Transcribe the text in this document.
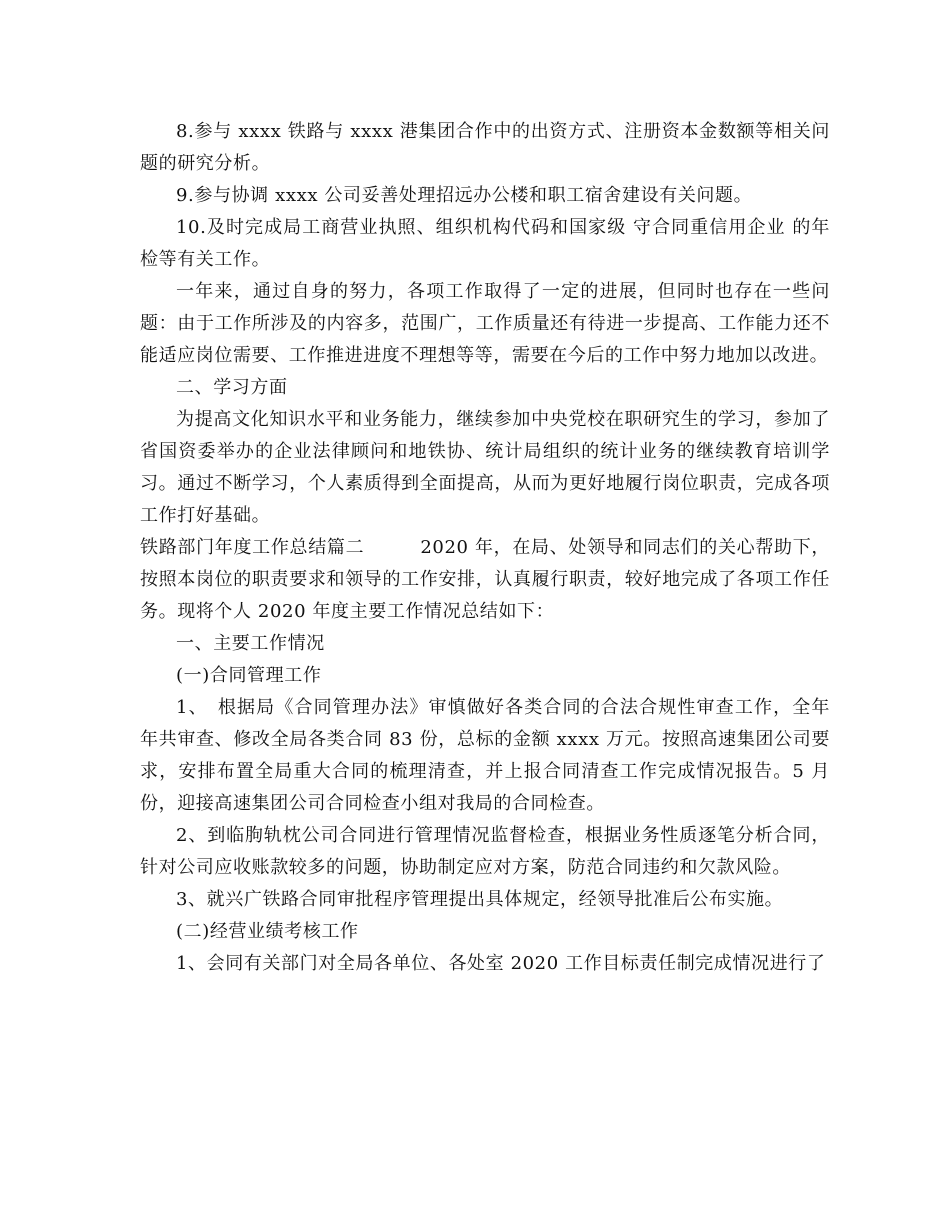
8.参与 xxxx 铁路与 xxxx 港集团合作中的出资方式、注册资本金数额等相关问题的研究分析。

9.参与协调 xxxx 公司妥善处理招远办公楼和职工宿舍建设有关问题。

10.及时完成局工商营业执照、组织机构代码和国家级 守合同重信用企业 的年检等有关工作。

一年来，通过自身的努力，各项工作取得了一定的进展，但同时也存在一些问题：由于工作所涉及的内容多，范围广，工作质量还有待进一步提高、工作能力还不能适应岗位需要、工作推进进度不理想等等，需要在今后的工作中努力地加以改进。

二、学习方面

为提高文化知识水平和业务能力，继续参加中央党校在职研究生的学习，参加了省国资委举办的企业法律顾问和地铁协、统计局组织的统计业务的继续教育培训学习。通过不断学习，个人素质得到全面提高，从而为更好地履行岗位职责，完成各项工作打好基础。

铁路部门年度工作总结篇二　　　2020 年，在局、处领导和同志们的关心帮助下，按照本岗位的职责要求和领导的工作安排，认真履行职责，较好地完成了各项工作任务。现将个人 2020 年度主要工作情况总结如下：

一、主要工作情况

(一)合同管理工作

1、　根据局《合同管理办法》审慎做好各类合同的合法合规性审查工作，全年年共审查、修改全局各类合同 83 份，总标的金额 xxxx 万元。按照高速集团公司要求，安排布置全局重大合同的梳理清查，并上报合同清查工作完成情况报告。5 月份，迎接高速集团公司合同检查小组对我局的合同检查。

2、到临朐轨枕公司合同进行管理情况监督检查，根据业务性质逐笔分析合同，针对公司应收账款较多的问题，协助制定应对方案，防范合同违约和欠款风险。

3、就兴广铁路合同审批程序管理提出具体规定，经领导批准后公布实施。

(二)经营业绩考核工作

1、会同有关部门对全局各单位、各处室 2020 工作目标责任制完成情况进行了
